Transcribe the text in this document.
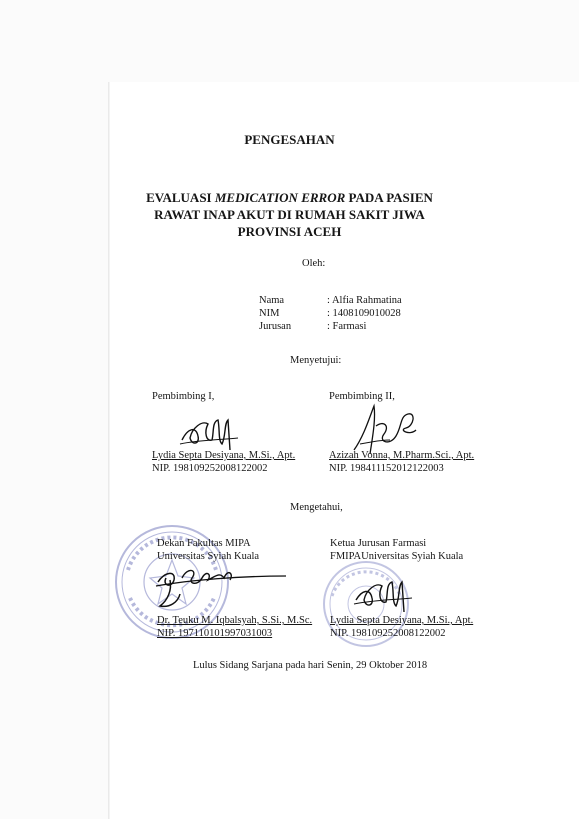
PENGESAHAN
EVALUASI MEDICATION ERROR PADA PASIEN
RAWAT INAP AKUT DI RUMAH SAKIT JIWA
PROVINSI ACEH
Oleh:
Nama	: Alfia Rahmatina
NIM	: 1408109010028
Jurusan	: Farmasi
Menyetujui:
Pembimbing I,
Lydia Septa Desiyana, M.Si., Apt.
NIP. 198109252008122002
Pembimbing II,
Azizah Vonna, M.Pharm.Sci., Apt.
NIP. 198411152012122003
Mengetahui,
Dekan Fakultas MIPA
Universitas Syiah Kuala
Dr. Teuku M. Iqbalsyah, S.Si., M.Sc.
NIP. 197110101997031003
Ketua Jurusan Farmasi
FMIPAUniversitas Syiah Kuala
Lydia Septa Desiyana, M.Si., Apt.
NIP. 198109252008122002
Lulus Sidang Sarjana pada hari Senin, 29 Oktober 2018
